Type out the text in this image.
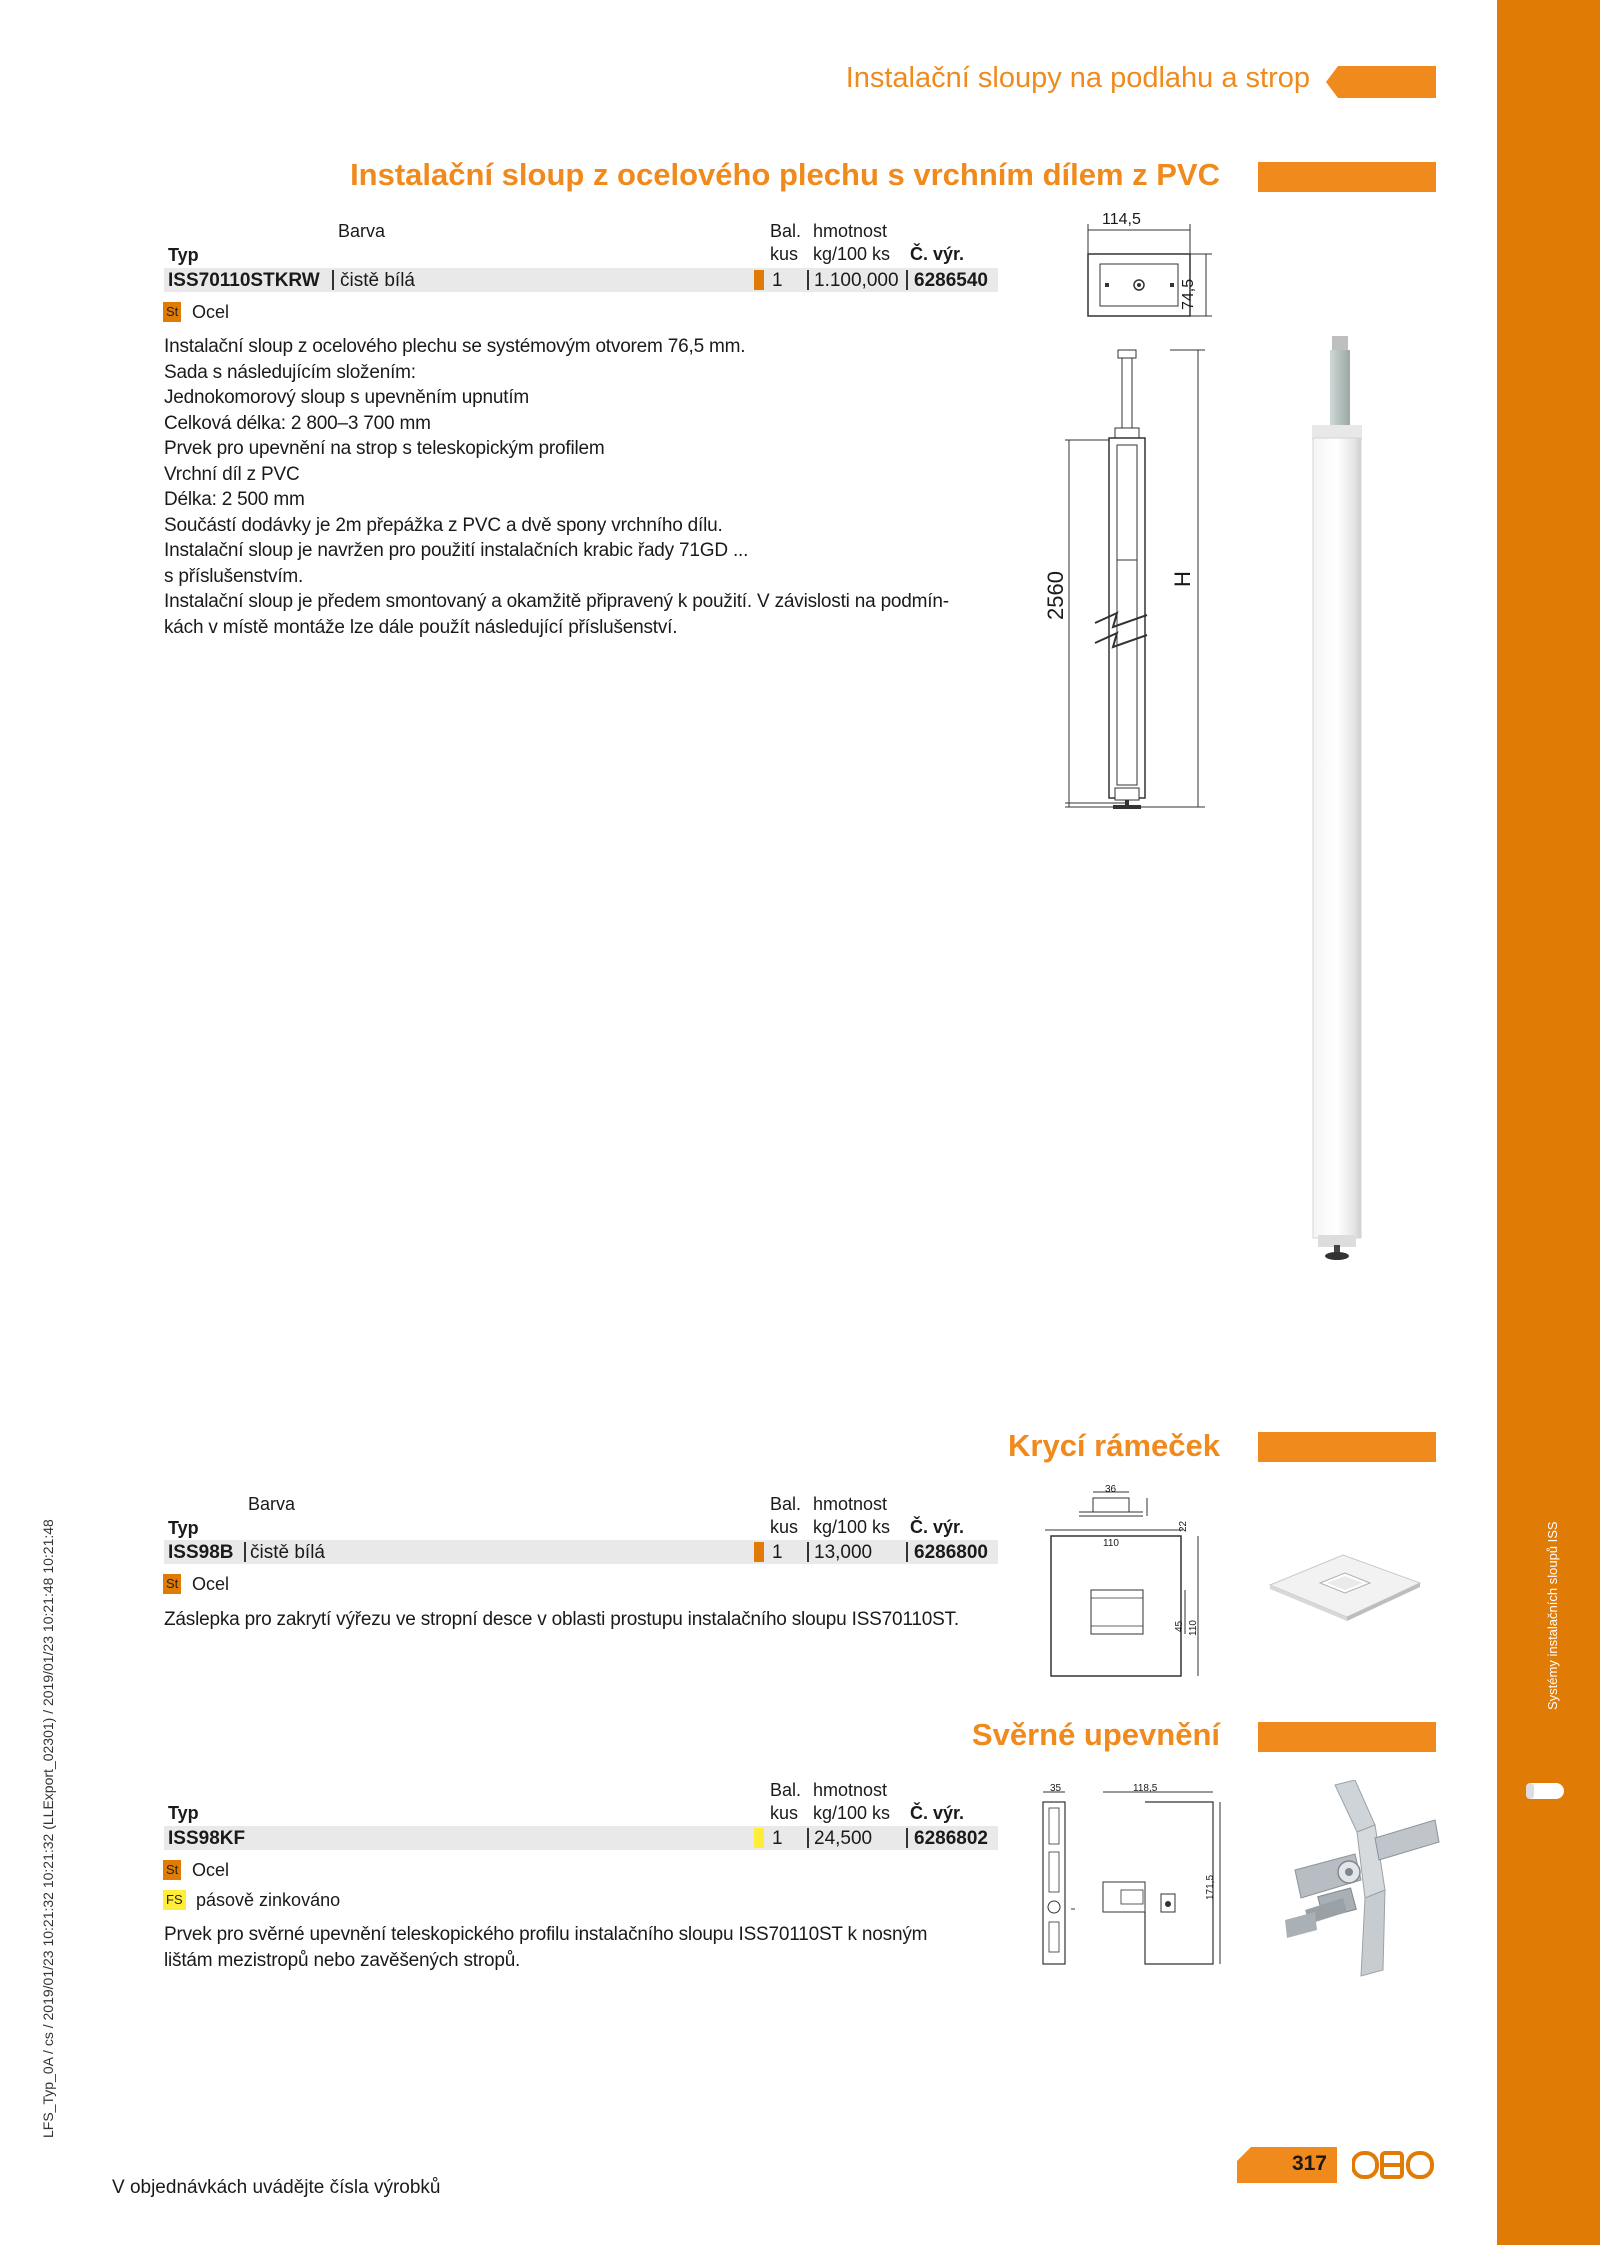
Systémy instalačních sloupů ISS
Instalační sloupy na podlahu a strop
Instalační sloup z ocelového plechu s vrchním dílem z PVC
Barva
Typ
Bal.
kus
hmotnost
kg/100 ks Č. výr.
ISS70110STKRW čistě bílá	1 1.100,000 6286540
St Ocel
Instalační sloup z ocelového plechu se systémovým otvorem 76,5 mm.
Sada s následujícím složením:
Jednokomorový sloup s upevněním upnutím
Celková délka: 2 800–3 700 mm
Prvek pro upevnění na strop s teleskopickým profilem
Vrchní díl z PVC
Délka: 2 500 mm
Součástí dodávky je 2m přepážka z PVC a dvě spony vrchního dílu.
Instalační sloup je navržen pro použití instalačních krabic řady 71GD ...
s příslušenstvím.
Instalační sloup je předem smontovaný a okamžitě připravený k použití. V závislosti na podmín-
kách v místě montáže lze dále použít následující příslušenství.
114,5
74,5
2560	H
Krycí rámeček
Barva
Typ
Bal.
kus
hmotnost
kg/100 ks Č. výr.
ISS98B čistě bílá	1 13,000 6286800
St Ocel
Záslepka pro zakrytí výřezu ve stropní desce v oblasti prostupu instalačního sloupu ISS70110ST.
36
22
110
45 110
Svěrné upevnění
Typ
Bal.
kus
hmotnost
kg/100 ks Č. výr.
ISS98KF	1 24,500 6286802
St Ocel
FS pásově zinkováno
Prvek pro svěrné upevnění teleskopického profilu instalačního sloupu ISS70110ST k nosným
lištám mezistropů nebo zavěšených stropů.
35	118,5
171,5
LFS_Typ_0A / cs / 2019/01/23 10:21:32 10:21:32 (LLExport_02301) / 2019/01/23 10:21:48 10:21:48
V objednávkách uvádějte čísla výrobků
317
